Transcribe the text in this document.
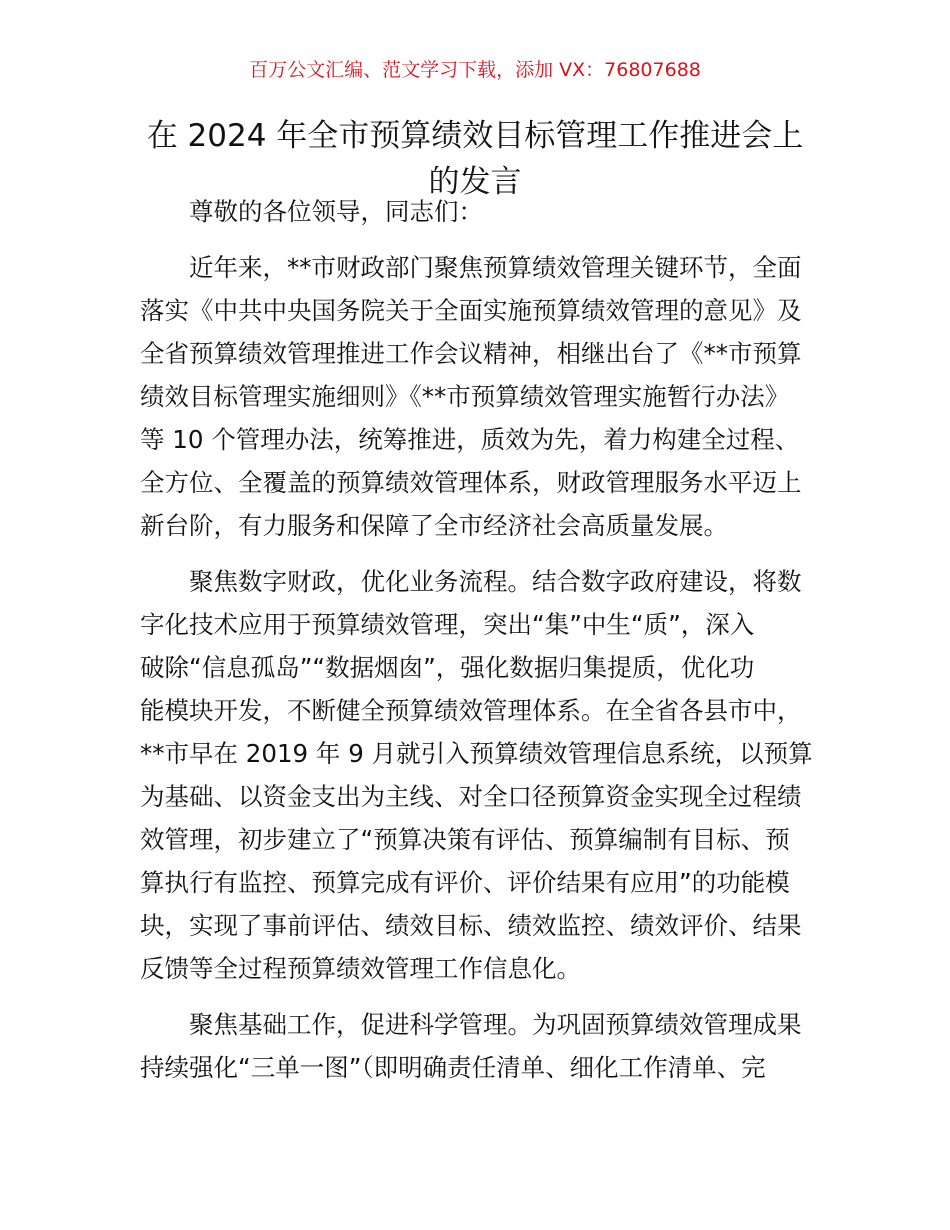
百万公文汇编、范文学习下载，添加 VX：76807688
在 2024 年全市预算绩效目标管理工作推进会上
的发言
尊敬的各位领导，同志们：
近年来，**市财政部门聚焦预算绩效管理关键环节，全面
落实《中共中央国务院关于全面实施预算绩效管理的意见》及
全省预算绩效管理推进工作会议精神，相继出台了《**市预算
绩效目标管理实施细则》《**市预算绩效管理实施暂行办法》
等 10 个管理办法，统筹推进，质效为先，着力构建全过程、
全方位、全覆盖的预算绩效管理体系，财政管理服务水平迈上
新台阶，有力服务和保障了全市经济社会高质量发展。
聚焦数字财政，优化业务流程。结合数字政府建设，将数
字化技术应用于预算绩效管理，突出“集”中生“质”，深入
破除“信息孤岛”“数据烟囱”，强化数据归集提质，优化功
能模块开发，不断健全预算绩效管理体系。在全省各县市中，
**市早在 2019 年 9 月就引入预算绩效管理信息系统，以预算
为基础、以资金支出为主线、对全口径预算资金实现全过程绩
效管理，初步建立了“预算决策有评估、预算编制有目标、预
算执行有监控、预算完成有评价、评价结果有应用”的功能模
块，实现了事前评估、绩效目标、绩效监控、绩效评价、结果
反馈等全过程预算绩效管理工作信息化。
聚焦基础工作，促进科学管理。为巩固预算绩效管理成果
持续强化“三单一图”（即明确责任清单、细化工作清单、完
